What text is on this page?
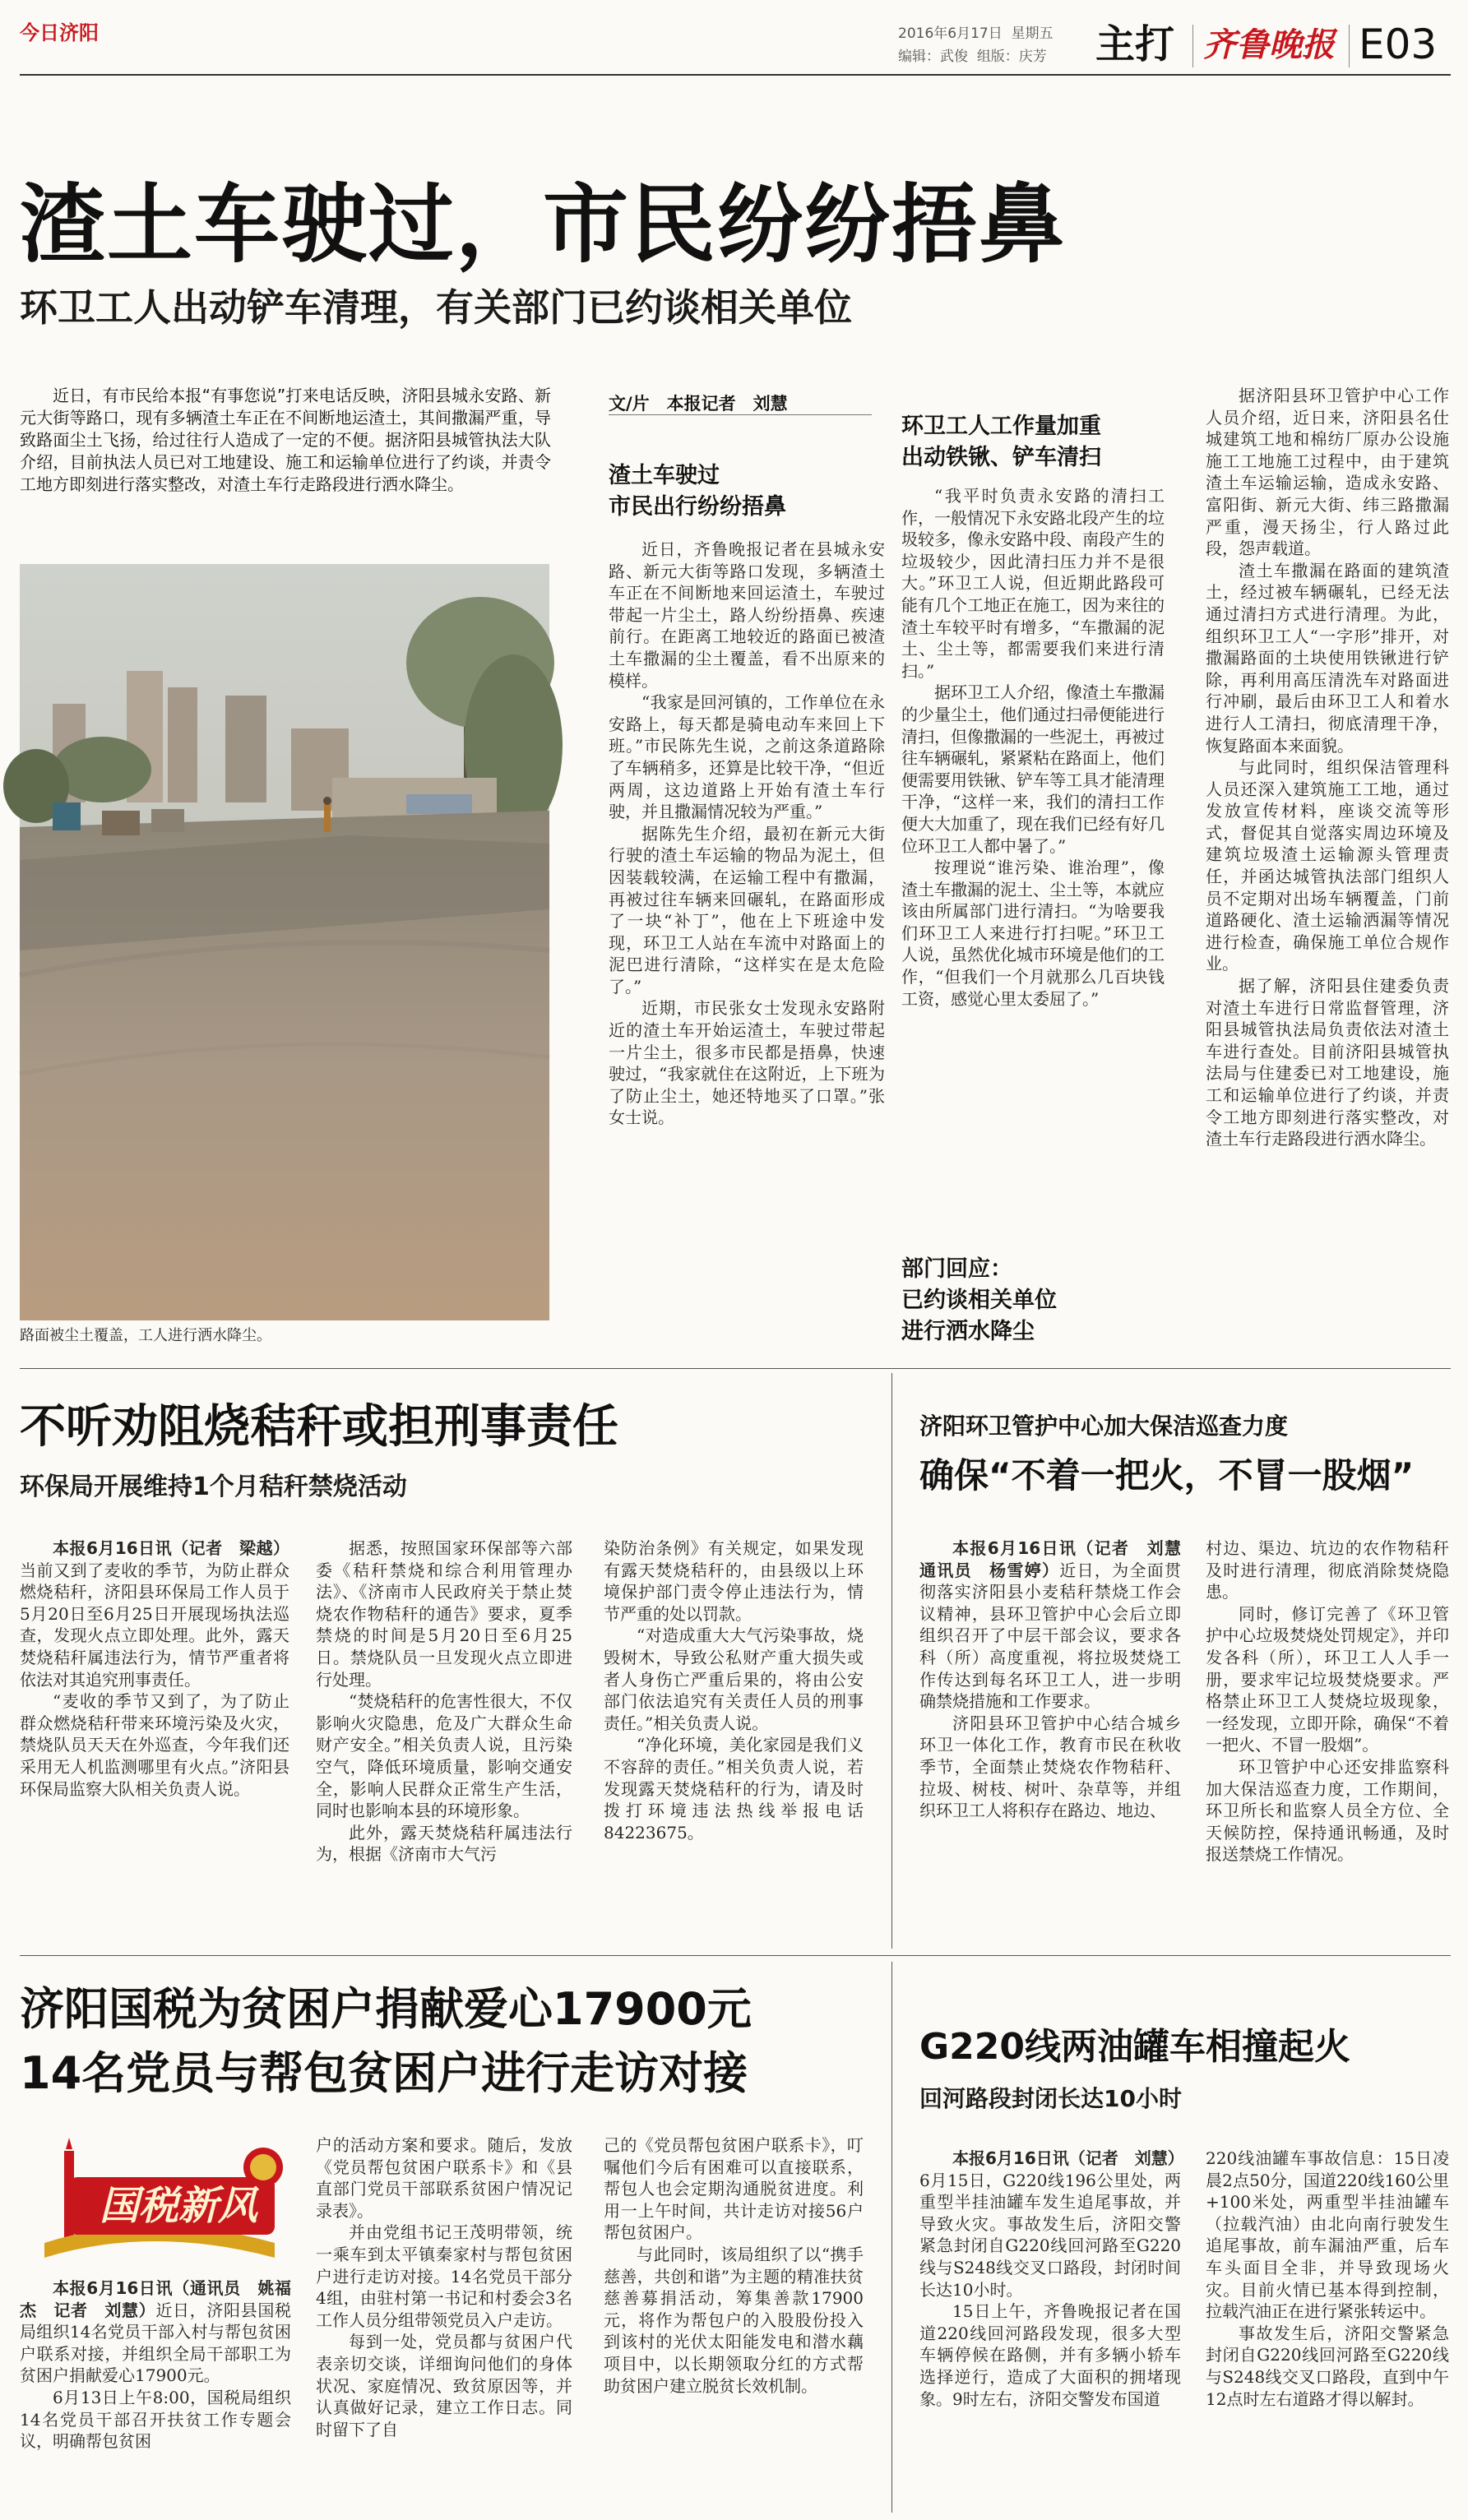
今日济阳	2016年6月17日 星期五
编辑：武俊 组版：庆芳 主打 齐鲁晚报 E03
渣土车驶过，市民纷纷捂鼻
环卫工人出动铲车清理，有关部门已约谈相关单位

近日，有市民给本报“有事您说”打来电话反映，济阳县城永安路、新元大街等路口，现有多辆渣土车正在不间断地运渣土，其间撒漏严重，导致路面尘土飞扬，给过往行人造成了一定的不便。据济阳县城管执法大队介绍，目前执法人员已对工地建设、施工和运输单位进行了约谈，并责令工地方即刻进行落实整改，对渣土车行走路段进行洒水降尘。

路面被尘土覆盖，工人进行洒水降尘。
文/片　本报记者　刘慧
渣土车驶过
市民出行纷纷捂鼻

近日，齐鲁晚报记者在县城永安路、新元大街等路口发现，多辆渣土车正在不间断地来回运渣土，车驶过带起一片尘土，路人纷纷捂鼻、疾速前行。在距离工地较近的路面已被渣土车撒漏的尘土覆盖，看不出原来的模样。

“我家是回河镇的，工作单位在永安路上，每天都是骑电动车来回上下班。”市民陈先生说，之前这条道路除了车辆稍多，还算是比较干净，“但近两周，这边道路上开始有渣土车行驶，并且撒漏情况较为严重。”

据陈先生介绍，最初在新元大街行驶的渣土车运输的物品为泥土，但因装载较满，在运输工程中有撒漏，再被过往车辆来回碾轧，在路面形成了一块“补丁”，他在上下班途中发现，环卫工人站在车流中对路面上的泥巴进行清除，“这样实在是太危险了。”

近期，市民张女士发现永安路附近的渣土车开始运渣土，车驶过带起一片尘土，很多市民都是捂鼻，快速驶过，“我家就住在这附近，上下班为了防止尘土，她还特地买了口罩。”张女士说。

环卫工人工作量加重
出动铁锹、铲车清扫

“我平时负责永安路的清扫工作，一般情况下永安路北段产生的垃圾较多，像永安路中段、南段产生的垃圾较少，因此清扫压力并不是很大。”环卫工人说，但近期此路段可能有几个工地正在施工，因为来往的渣土车较平时有增多，“车撒漏的泥土、尘土等，都需要我们来进行清扫。”

据环卫工人介绍，像渣土车撒漏的少量尘土，他们通过扫帚便能进行清扫，但像撒漏的一些泥土，再被过往车辆碾轧，紧紧粘在路面上，他们便需要用铁锹、铲车等工具才能清理干净，“这样一来，我们的清扫工作便大大加重了，现在我们已经有好几位环卫工人都中暑了。”

按理说“谁污染、谁治理”，像渣土车撒漏的泥土、尘土等，本就应该由所属部门进行清扫。“为啥要我们环卫工人来进行打扫呢。”环卫工人说，虽然优化城市环境是他们的工作，“但我们一个月就那么几百块钱工资，感觉心里太委屈了。”

部门回应：
已约谈相关单位
进行洒水降尘

据济阳县环卫管护中心工作人员介绍，近日来，济阳县名仕城建筑工地和棉纺厂原办公设施施工工地施工过程中，由于建筑渣土车运输运输，造成永安路、富阳街、新元大街、纬三路撒漏严重，漫天扬尘，行人路过此段，怨声载道。

渣土车撒漏在路面的建筑渣土，经过被车辆碾轧，已经无法通过清扫方式进行清理。为此，组织环卫工人“一字形”排开，对撒漏路面的土块使用铁锹进行铲除，再利用高压清洗车对路面进行冲刷，最后由环卫工人和着水进行人工清扫，彻底清理干净，恢复路面本来面貌。

与此同时，组织保洁管理科人员还深入建筑施工工地，通过发放宣传材料，座谈交流等形式，督促其自觉落实周边环境及建筑垃圾渣土运输源头管理责任，并函达城管执法部门组织人员不定期对出场车辆覆盖，门前道路硬化、渣土运输洒漏等情况进行检查，确保施工单位合规作业。

据了解，济阳县住建委负责对渣土车进行日常监督管理，济阳县城管执法局负责依法对渣土车进行查处。目前济阳县城管执法局与住建委已对工地建设，施工和运输单位进行了约谈，并责令工地方即刻进行落实整改，对渣土车行走路段进行洒水降尘。

不听劝阻烧秸秆或担刑事责任
环保局开展维持1个月秸秆禁烧活动

本报6月16日讯（记者　梁越）当前又到了麦收的季节，为防止群众燃烧秸秆，济阳县环保局工作人员于5月20日至6月25日开展现场执法巡查，发现火点立即处理。此外，露天焚烧秸秆属违法行为，情节严重者将依法对其追究刑事责任。

“麦收的季节又到了，为了防止群众燃烧秸秆带来环境污染及火灾，禁烧队员天天在外巡查，今年我们还采用无人机监测哪里有火点。”济阳县环保局监察大队相关负责人说。

据悉，按照国家环保部等六部委《秸秆禁烧和综合利用管理办法》、《济南市人民政府关于禁止焚烧农作物秸秆的通告》要求，夏季禁烧的时间是5月20日至6月25日。禁烧队员一旦发现火点立即进行处理。

“焚烧秸秆的危害性很大，不仅影响火灾隐患，危及广大群众生命财产安全。”相关负责人说，且污染空气，降低环境质量，影响交通安全，影响人民群众正常生产生活，同时也影响本县的环境形象。

此外，露天焚烧秸秆属违法行为，根据《济南市大气污

染防治条例》有关规定，如果发现有露天焚烧秸秆的，由县级以上环境保护部门责令停止违法行为，情节严重的处以罚款。

“对造成重大大气污染事故，烧毁树木，导致公私财产重大损失或者人身伤亡严重后果的，将由公安部门依法追究有关责任人员的刑事责任。”相关负责人说。

“净化环境，美化家园是我们义不容辞的责任。”相关负责人说，若发现露天焚烧秸秆的行为，请及时拨打环境违法热线举报电话84223675。

济阳环卫管护中心加大保洁巡查力度
确保“不着一把火，不冒一股烟”

本报6月16日讯（记者　刘慧　通讯员　杨雪婷）近日，为全面贯彻落实济阳县小麦秸秆禁烧工作会议精神，县环卫管护中心会后立即组织召开了中层干部会议，要求各科（所）高度重视，将拉圾焚烧工作传达到每名环卫工人，进一步明确禁烧措施和工作要求。

济阳县环卫管护中心结合城乡环卫一体化工作，教育市民在秋收季节，全面禁止焚烧农作物秸秆、拉圾、树枝、树叶、杂草等，并组织环卫工人将积存在路边、地边、

村边、渠边、坑边的农作物秸秆及时进行清理，彻底消除焚烧隐患。

同时，修订完善了《环卫管护中心垃圾焚烧处罚规定》，并印发各科（所），环卫工人人手一册，要求牢记垃圾焚烧要求。严格禁止环卫工人焚烧垃圾现象，一经发现，立即开除，确保“不着一把火、不冒一股烟”。

环卫管护中心还安排监察科加大保洁巡查力度，工作期间，环卫所长和监察人员全方位、全天候防控，保持通讯畅通，及时报送禁烧工作情况。

济阳国税为贫困户捐献爱心17900元
14名党员与帮包贫困户进行走访对接
国税新风

本报6月16日讯（通讯员　姚福杰　记者　刘慧）近日，济阳县国税局组织14名党员干部入村与帮包贫困户联系对接，并组织全局干部职工为贫困户捐献爱心17900元。

6月13日上午8:00，国税局组织14名党员干部召开扶贫工作专题会议，明确帮包贫困

户的活动方案和要求。随后，发放《党员帮包贫困户联系卡》和《县直部门党员干部联系贫困户情况记录表》。

并由党组书记王茂明带领，统一乘车到太平镇秦家村与帮包贫困户进行走访对接。14名党员干部分4组，由驻村第一书记和村委会3名工作人员分组带领党员入户走访。

每到一处，党员都与贫困户代表亲切交谈，详细询问他们的身体状况、家庭情况、致贫原因等，并认真做好记录，建立工作日志。同时留下了自

己的《党员帮包贫困户联系卡》，叮嘱他们今后有困难可以直接联系，帮包人也会定期沟通脱贫进度。利用一上午时间，共计走访对接56户帮包贫困户。

与此同时，该局组织了以“携手慈善，共创和谐”为主题的精准扶贫慈善募捐活动，筹集善款17900元，将作为帮包户的入股股份投入到该村的光伏太阳能发电和潜水藕项目中，以长期领取分红的方式帮助贫困户建立脱贫长效机制。

G220线两油罐车相撞起火
回河路段封闭长达10小时

本报6月16日讯（记者　刘慧）6月15日，G220线196公里处，两重型半挂油罐车发生追尾事故，并导致火灾。事故发生后，济阳交警紧急封闭自G220线回河路至G220线与S248线交叉口路段，封闭时间长达10小时。

15日上午，齐鲁晚报记者在国道220线回河路段发现，很多大型车辆停候在路侧，并有多辆小轿车选择逆行，造成了大面积的拥堵现象。9时左右，济阳交警发布国道

220线油罐车事故信息：15日凌晨2点50分，国道220线160公里+100米处，两重型半挂油罐车（拉载汽油）由北向南行驶发生追尾事故，前车漏油严重，后车车头面目全非，并导致现场火灾。目前火情已基本得到控制，拉载汽油正在进行紧张转运中。

事故发生后，济阳交警紧急封闭自G220线回河路至G220线与S248线交叉口路段，直到中午12点时左右道路才得以解封。
